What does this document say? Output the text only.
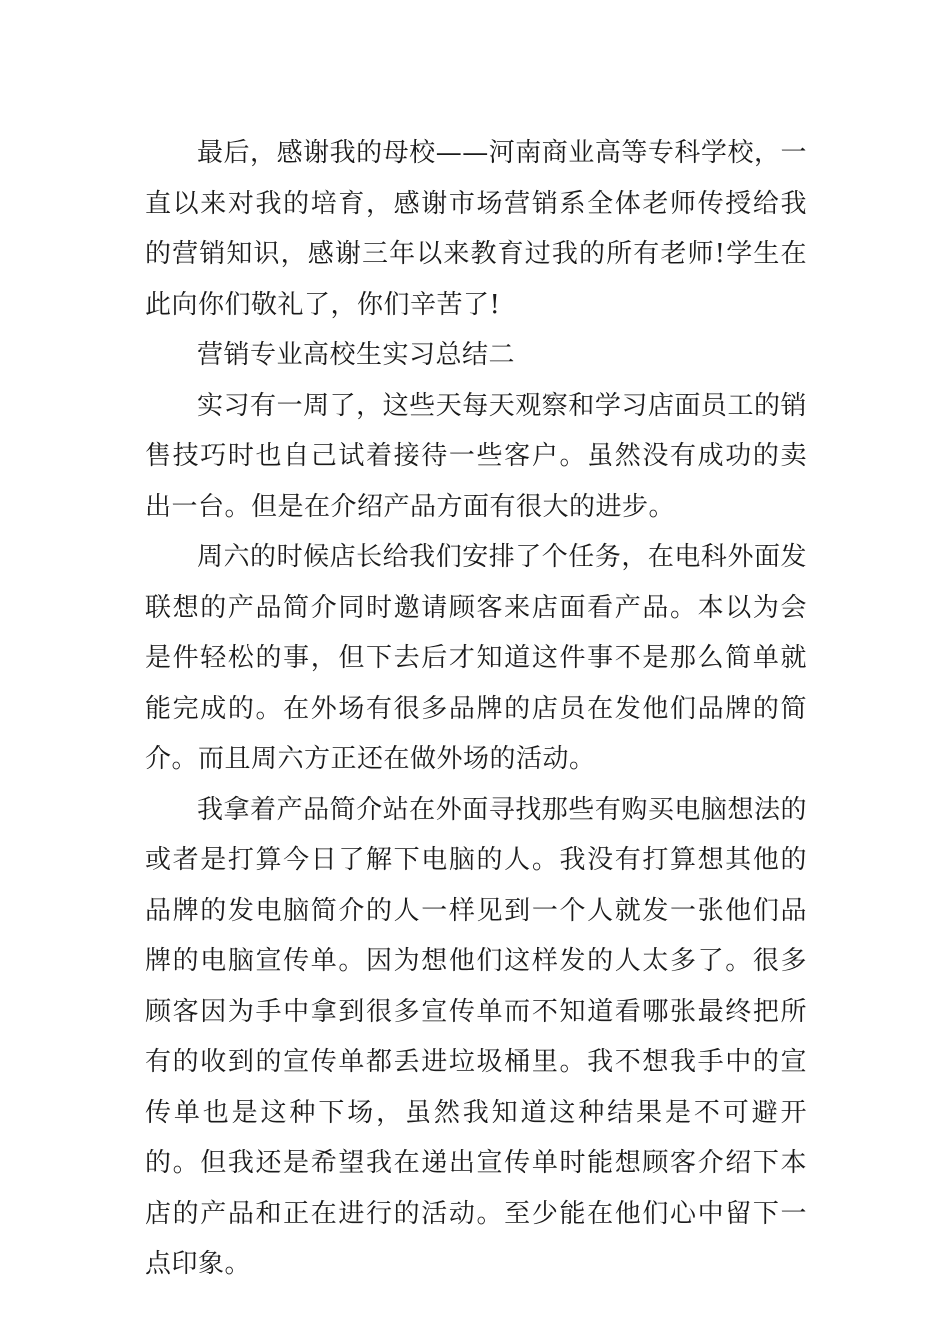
最后，感谢我的母校——河南商业高等专科学校，一直以来对我的培育，感谢市场营销系全体老师传授给我的营销知识，感谢三年以来教育过我的所有老师!学生在此向你们敬礼了，你们辛苦了!

营销专业高校生实习总结二

实习有一周了，这些天每天观察和学习店面员工的销售技巧时也自己试着接待一些客户。虽然没有成功的卖出一台。但是在介绍产品方面有很大的进步。

周六的时候店长给我们安排了个任务，在电科外面发联想的产品简介同时邀请顾客来店面看产品。本以为会是件轻松的事，但下去后才知道这件事不是那么简单就能完成的。在外场有很多品牌的店员在发他们品牌的简介。而且周六方正还在做外场的活动。

我拿着产品简介站在外面寻找那些有购买电脑想法的或者是打算今日了解下电脑的人。我没有打算想其他的品牌的发电脑简介的人一样见到一个人就发一张他们品牌的电脑宣传单。因为想他们这样发的人太多了。很多顾客因为手中拿到很多宣传单而不知道看哪张最终把所有的收到的宣传单都丢进垃圾桶里。我不想我手中的宣传单也是这种下场，虽然我知道这种结果是不可避开的。但我还是希望我在递出宣传单时能想顾客介绍下本店的产品和正在进行的活动。至少能在他们心中留下一点印象。
